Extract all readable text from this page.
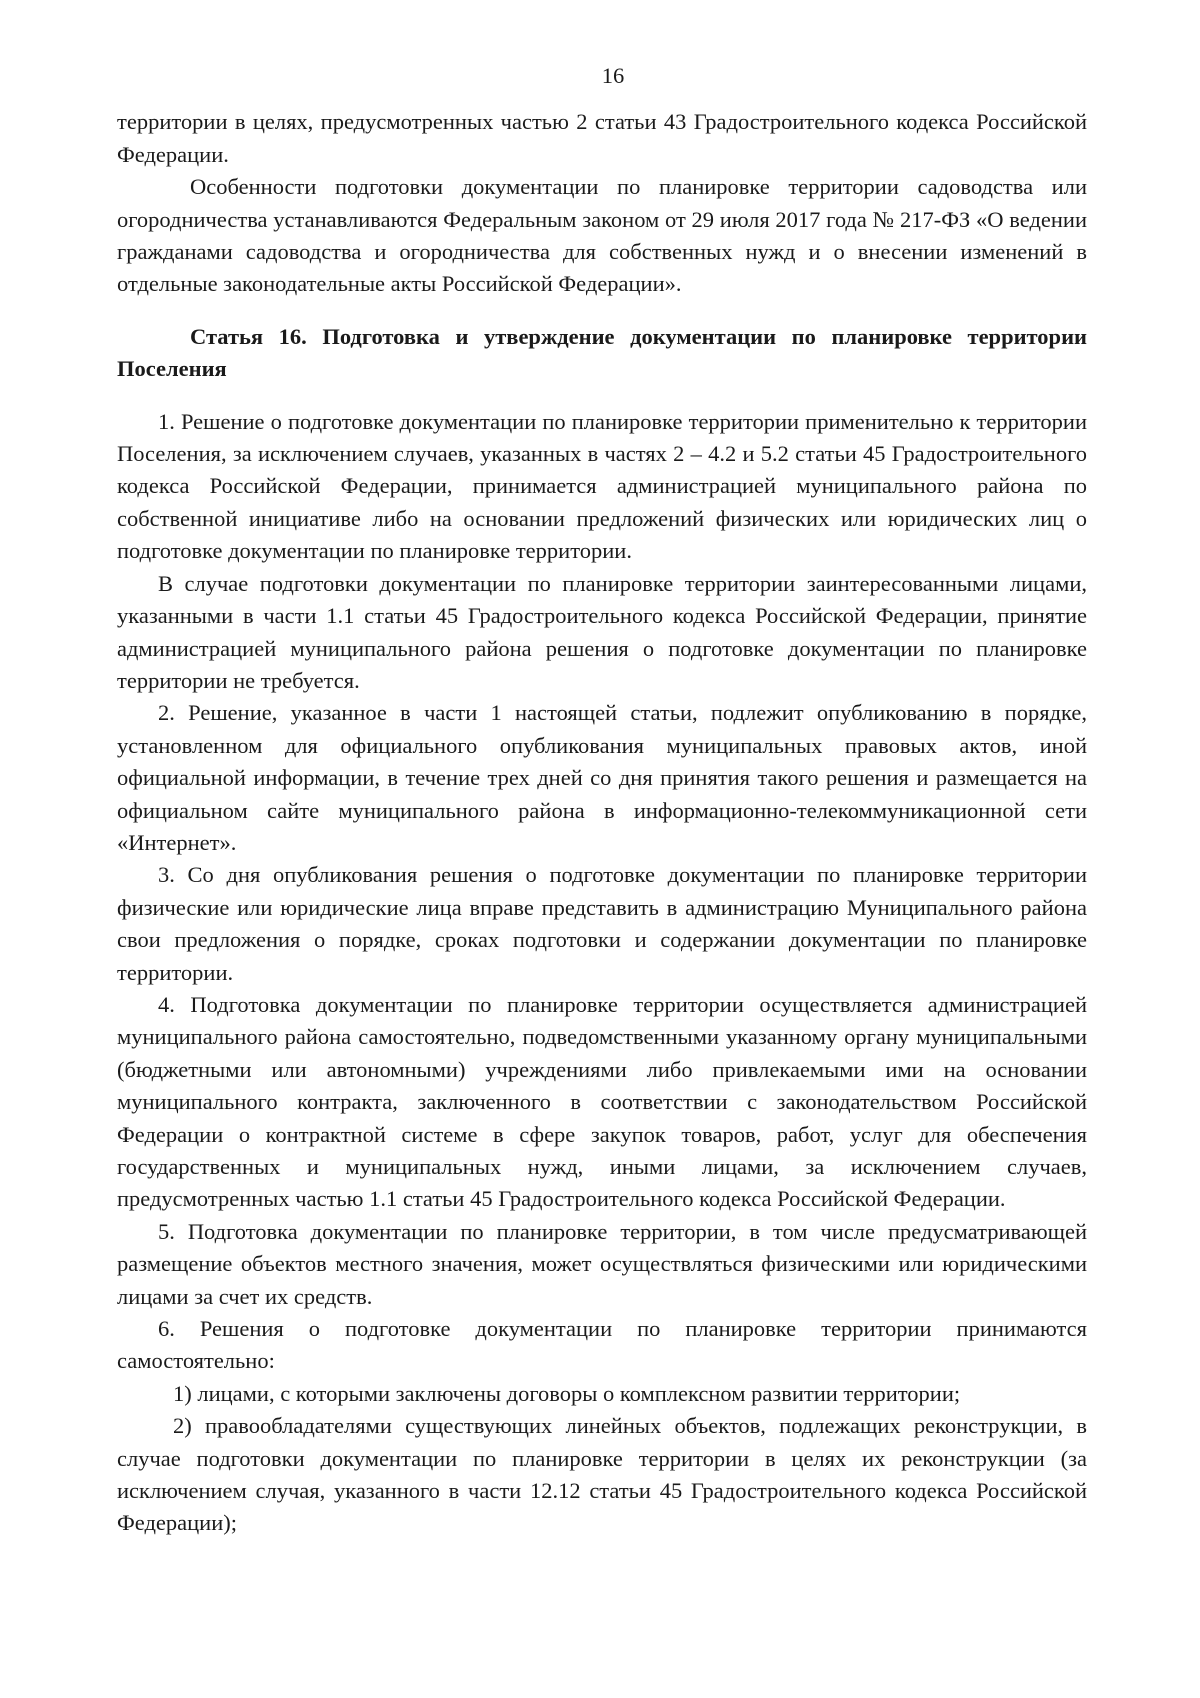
16

территории в целях, предусмотренных частью 2 статьи 43 Градостроительного кодекса Российской Федерации.

Особенности подготовки документации по планировке территории садоводства или огородничества устанавливаются Федеральным законом от 29 июля 2017 года № 217-ФЗ «О ведении гражданами садоводства и огородничества для собственных нужд и о внесении изменений в отдельные законодательные акты Российской Федерации».

Статья 16. Подготовка и утверждение документации по планировке территории Поселения

1. Решение о подготовке документации по планировке территории применительно к территории Поселения, за исключением случаев, указанных в частях 2 – 4.2 и 5.2 статьи 45 Градостроительного кодекса Российской Федерации, принимается администрацией муниципального района по собственной инициативе либо на основании предложений физических или юридических лиц о подготовке документации по планировке территории.

В случае подготовки документации по планировке территории заинтересованными лицами, указанными в части 1.1 статьи 45 Градостроительного кодекса Российской Федерации, принятие администрацией муниципального района решения о подготовке документации по планировке территории не требуется.

2. Решение, указанное в части 1 настоящей статьи, подлежит опубликованию в порядке, установленном для официального опубликования муниципальных правовых актов, иной официальной информации, в течение трех дней со дня принятия такого решения и размещается на официальном сайте муниципального района в информационно-телекоммуникационной сети «Интернет».

3. Со дня опубликования решения о подготовке документации по планировке территории физические или юридические лица вправе представить в администрацию Муниципального района свои предложения о порядке, сроках подготовки и содержании документации по планировке территории.

4. Подготовка документации по планировке территории осуществляется администрацией муниципального района самостоятельно, подведомственными указанному органу муниципальными (бюджетными или автономными) учреждениями либо привлекаемыми ими на основании муниципального контракта, заключенного в соответствии с законодательством Российской Федерации о контрактной системе в сфере закупок товаров, работ, услуг для обеспечения государственных и муниципальных нужд, иными лицами, за исключением случаев, предусмотренных частью 1.1 статьи 45 Градостроительного кодекса Российской Федерации.

5. Подготовка документации по планировке территории, в том числе предусматривающей размещение объектов местного значения, может осуществляться физическими или юридическими лицами за счет их средств.

6. Решения о подготовке документации по планировке территории принимаются самостоятельно:

1) лицами, с которыми заключены договоры о комплексном развитии территории;

2) правообладателями существующих линейных объектов, подлежащих реконструкции, в случае подготовки документации по планировке территории в целях их реконструкции (за исключением случая, указанного в части 12.12 статьи 45 Градостроительного кодекса Российской Федерации);
